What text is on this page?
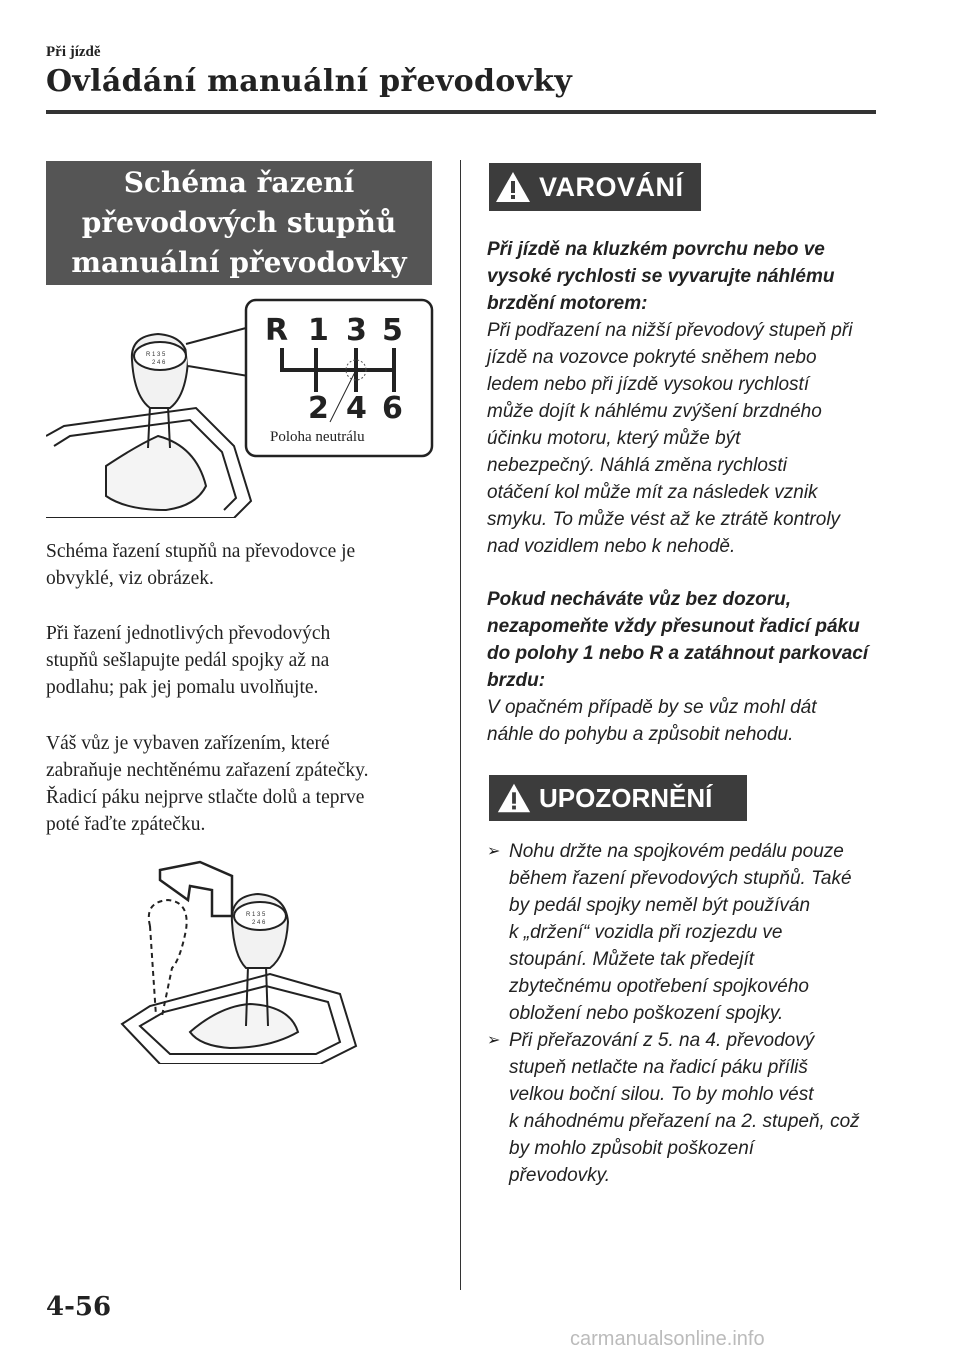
Při jízdě
Ovládání manuální převodovky
Schéma řazení
převodových stupňů
manuální převodovky
R 1 3 5
2 4 6
R 1 3 5
2 4 6
Poloha neutrálu

Schéma řazení stupňů na převodovce je

obvyklé, viz obrázek.

Při řazení jednotlivých převodových

stupňů sešlapujte pedál spojky až na

podlahu; pak jej pomalu uvolňujte.

Váš vůz je vybaven zařízením, které

zabraňuje nechtěnému zařazení zpátečky.

Řadicí páku nejprve stlačte dolů a teprve

poté řaďte zpátečku.

R 1 3 5
2 4 6
VAROVÁNÍ

Při jízdě na kluzkém povrchu nebo ve

vysoké rychlosti se vyvarujte náhlému

brzdění motorem:

Při podřazení na nižší převodový stupeň při

jízdě na vozovce pokryté sněhem nebo

ledem nebo při jízdě vysokou rychlostí

může dojít k náhlému zvýšení brzdného

účinku motoru, který může být

nebezpečný. Náhlá změna rychlosti

otáčení kol může mít za následek vznik

smyku. To může vést až ke ztrátě kontroly

nad vozidlem nebo k nehodě.

Pokud necháváte vůz bez dozoru,

nezapomeňte vždy přesunout řadicí páku

do polohy 1 nebo R a zatáhnout parkovací

brzdu:

V opačném případě by se vůz mohl dát

náhle do pohybu a způsobit nehodu.

UPOZORNĚNÍ
➢ Nohu držte na spojkovém pedálu pouze
během řazení převodových stupňů. Také
by pedál spojky neměl být používán
k „držení“ vozidla při rozjezdu ve
stoupání. Můžete tak předejít
zbytečnému opotřebení spojkového
obložení nebo poškození spojky.
➢ Při přeřazování z 5. na 4. převodový
stupeň netlačte na řadicí páku příliš
velkou boční silou. To by mohlo vést
k náhodnému přeřazení na 2. stupeň, což
by mohlo způsobit poškození
převodovky.
4-56
carmanualsonline.info
